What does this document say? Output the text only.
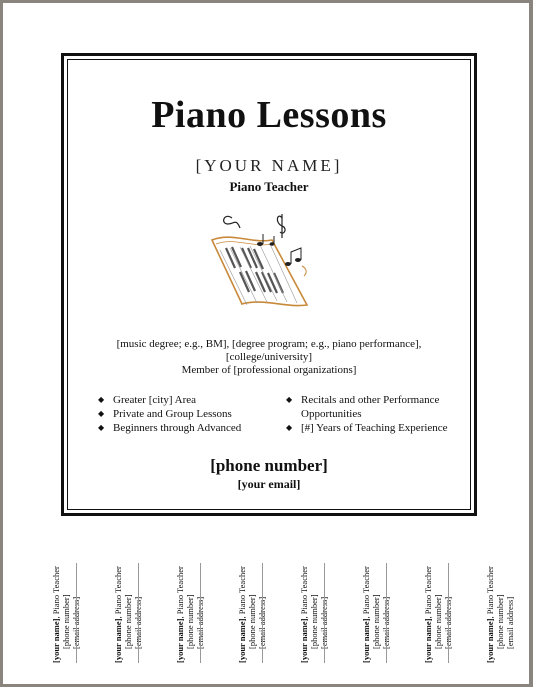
Piano Lessons
[YOUR NAME]
Piano Teacher
[music degree; e.g., BM], [degree program; e.g., piano performance],
[college/university]
Member of [professional organizations]
◆ Greater [city] Area
◆ Private and Group Lessons
◆ Beginners through Advanced
◆ Recitals and other Performance Opportunities
◆ [#] Years of Teaching Experience
[phone number]
[your email]
[your name], Piano Teacher
[phone number] [email address]	[your name], Piano Teacher
[phone number] [email address]	[your name], Piano Teacher
[phone number] [email address]	[your name], Piano Teacher
[phone number] [email address]	[your name], Piano Teacher
[phone number] [email address]	[your name], Piano Teacher
[phone number] [email address]	[your name], Piano Teacher
[phone number] [email address]	[your name], Piano Teacher
[phone number] [email address]
